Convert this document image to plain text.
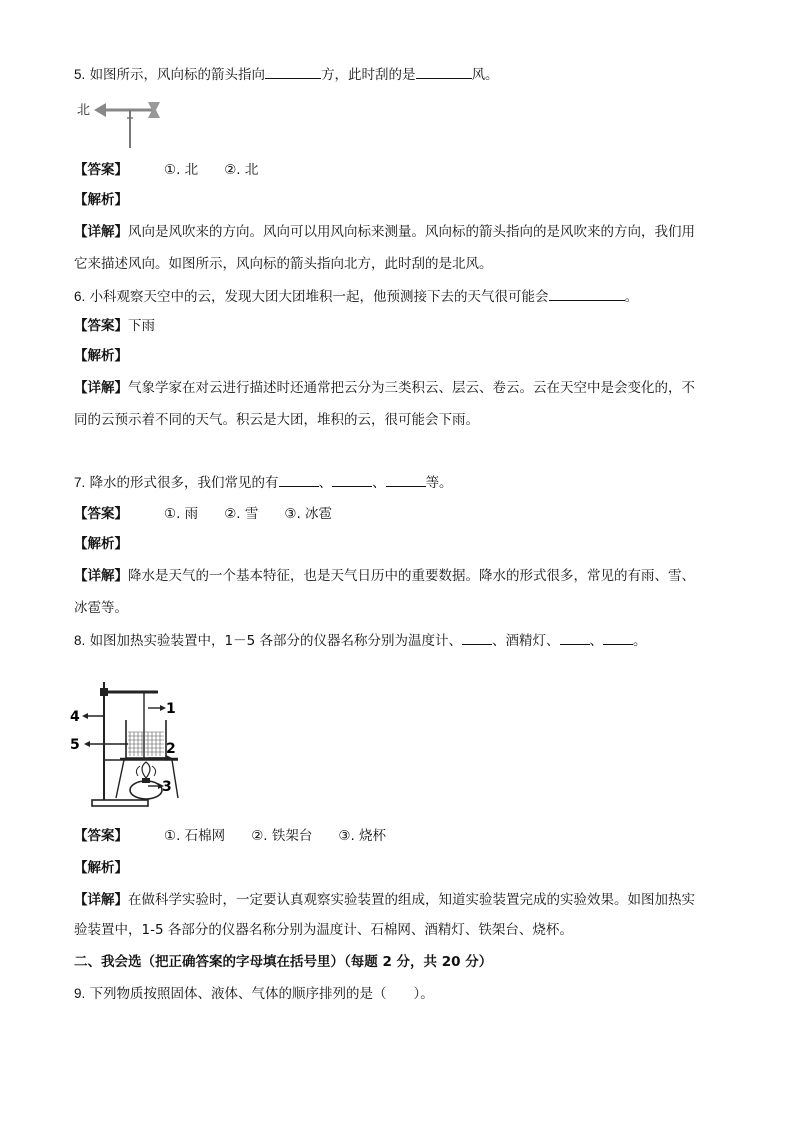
5. 如图所示，风向标的箭头指向	方，此时刮的是	风。
北
【答案】	①. 北 ②. 北
【解析】
【详解】风向是风吹来的方向。风向可以用风向标来测量。风向标的箭头指向的是风吹来的方向，我们用
它来描述风向。如图所示，风向标的箭头指向北方，此时刮的是北风。
6. 小科观察天空中的云，发现大团大团堆积一起，他预测接下去的天气很可能会	。
【答案】下雨
【解析】
【详解】气象学家在对云进行描述时还通常把云分为三类积云、层云、卷云。云在天空中是会变化的，不
同的云预示着不同的天气。积云是大团，堆积的云，很可能会下雨。
7. 降水的形式很多，我们常见的有	、	、	等。
【答案】	①. 雨 ②. 雪 ③. 冰雹
【解析】
【详解】降水是天气的一个基本特征，也是天气日历中的重要数据。降水的形式很多，常见的有雨、雪、
冰雹等。
8. 如图加热实验装置中，1－5 各部分的仪器名称分别为温度计、 、酒精灯、 、 。
1
2
3
4
5
【答案】	①. 石棉网 ②. 铁架台 ③. 烧杯
【解析】
【详解】在做科学实验时，一定要认真观察实验装置的组成，知道实验装置完成的实验效果。如图加热实
验装置中，1-5 各部分的仪器名称分别为温度计、石棉网、酒精灯、铁架台、烧杯。
二、我会选（把正确答案的字母填在括号里）（每题 2 分，共 20 分）
9. 下列物质按照固体、液体、气体的顺序排列的是（　　）。
